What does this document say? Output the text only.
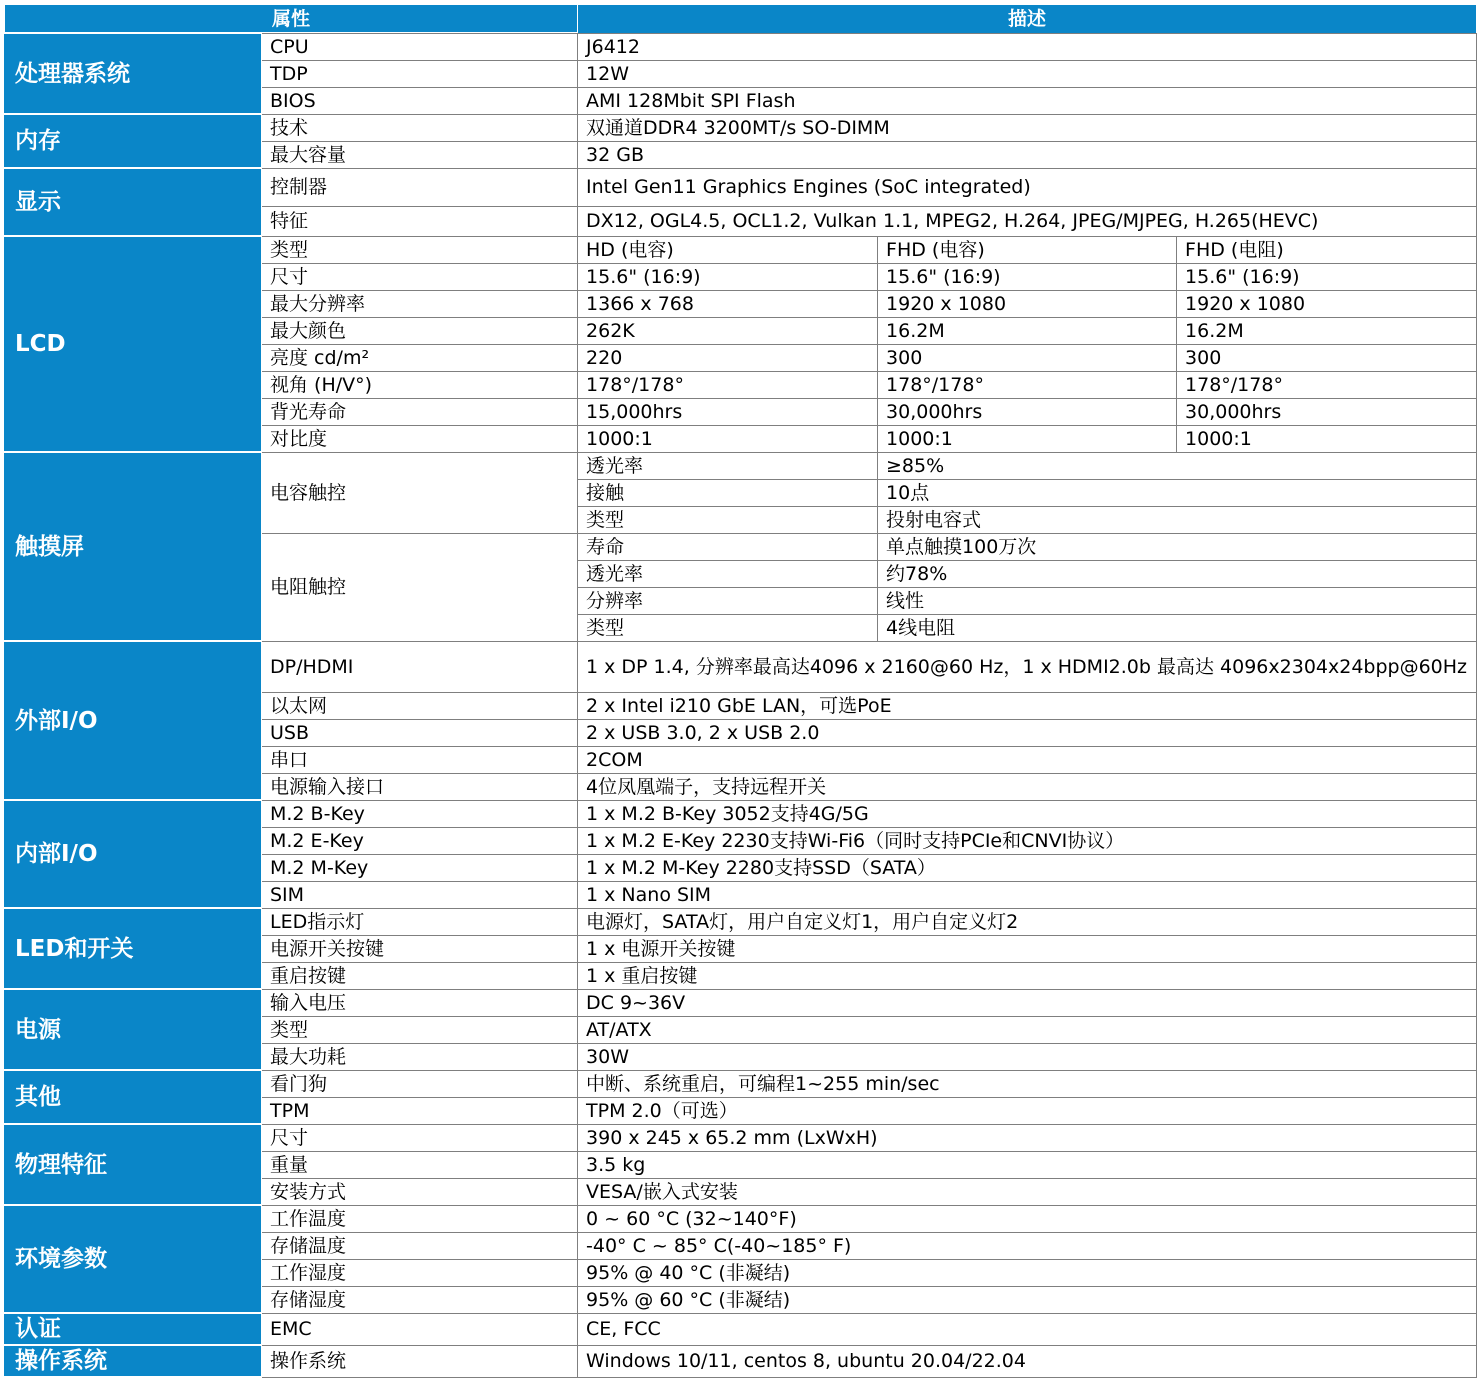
属性		描述		
处理器系统	CPU	J6412		
	TDP	12W		
	BIOS	AMI 128Mbit SPI Flash		
内存	技术	双通道DDR4 3200MT/s SO-DIMM		
	最大容量	32 GB		
显示	控制器	Intel Gen11 Graphics Engines (SoC integrated)		
	特征	DX12, OGL4.5, OCL1.2, Vulkan 1.1, MPEG2, H.264, JPEG/MJPEG, H.265(HEVC)		
LCD	类型	HD (电容)	FHD (电容)	FHD (电阻)
	尺寸	15.6" (16:9)	15.6" (16:9)	15.6" (16:9)
	最大分辨率	1366 x 768	1920 x 1080	1920 x 1080
	最大颜色	262K	16.2M	16.2M
	亮度 cd/m²	220	300	300
	视角 (H/V°)	178°/178°	178°/178°	178°/178°
	背光寿命	15,000hrs	30,000hrs	30,000hrs
	对比度	1000:1	1000:1	1000:1
触摸屏	电容触控	透光率	≥85%	
		接触	10点	
		类型	投射电容式	
	电阻触控	寿命	单点触摸100万次	
		透光率	约78%	
		分辨率	线性	
		类型	4线电阻	
外部I/O	DP/HDMI	1 x DP 1.4, 分辨率最高达4096 x 2160@60 Hz，1 x HDMI2.0b 最高达 4096x2304x24bpp@60Hz		
	以太网	2 x Intel i210 GbE LAN，可选PoE		
	USB	2 x USB 3.0, 2 x USB 2.0		
	串口	2COM		
	电源输入接口	4位凤凰端子，支持远程开关		
内部I/O	M.2 B-Key	1 x M.2 B-Key 3052支持4G/5G		
	M.2 E-Key	1 x M.2 E-Key 2230支持Wi-Fi6（同时支持PCIe和CNVI协议）		
	M.2 M-Key	1 x M.2 M-Key 2280支持SSD（SATA）		
	SIM	1 x Nano SIM		
LED和开关	LED指示灯	电源灯，SATA灯，用户自定义灯1，用户自定义灯2		
	电源开关按键	1 x 电源开关按键		
	重启按键	1 x 重启按键		
电源	输入电压	DC 9~36V		
	类型	AT/ATX		
	最大功耗	30W		
其他	看门狗	中断、系统重启，可编程1~255 min/sec		
	TPM	TPM 2.0（可选）		
物理特征	尺寸	390 x 245 x 65.2 mm (LxWxH)		
	重量	3.5 kg		
	安装方式	VESA/嵌入式安装		
环境参数	工作温度	0 ~ 60 °C (32~140°F)		
	存储温度	-40° C ~ 85° C(-40~185° F)		
	工作湿度	95% @ 40 °C (非凝结)		
	存储湿度	95% @ 60 °C (非凝结)		
认证	EMC	CE, FCC		
操作系统	操作系统	Windows 10/11, centos 8, ubuntu 20.04/22.04		
